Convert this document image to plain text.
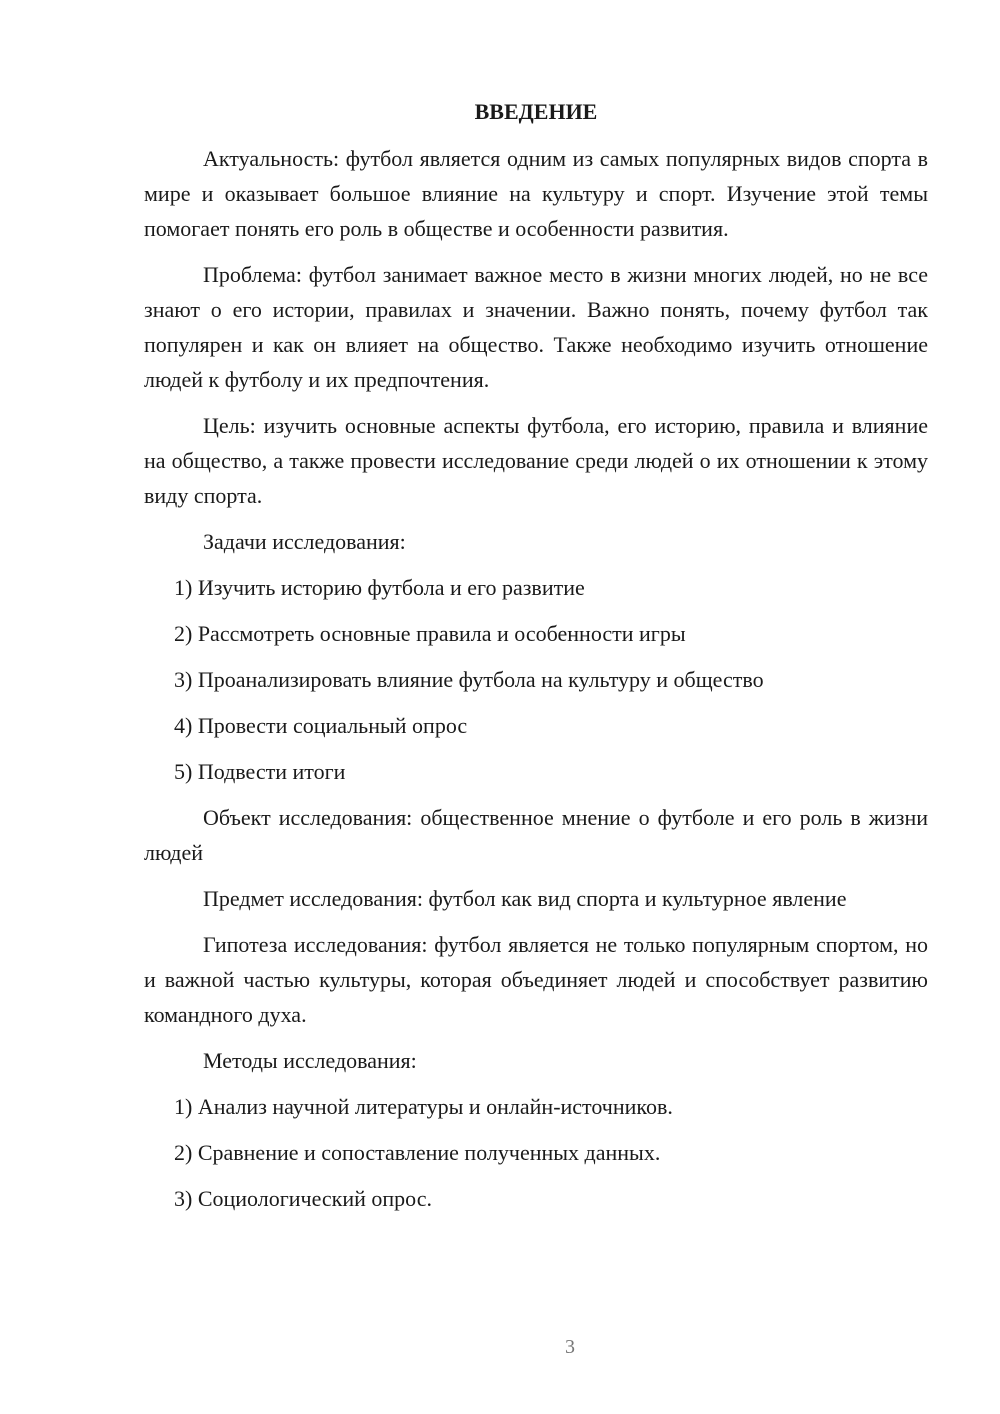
ВВЕДЕНИЕ
Актуальность: футбол является одним из самых популярных видов спорта в мире и оказывает большое влияние на культуру и спорт. Изучение этой темы помогает понять его роль в обществе и особенности развития.
Проблема: футбол занимает важное место в жизни многих людей, но не все знают о его истории, правилах и значении. Важно понять, почему футбол так популярен и как он влияет на общество. Также необходимо изучить отношение людей к футболу и их предпочтения.
Цель: изучить основные аспекты футбола, его историю, правила и влияние на общество, а также провести исследование среди людей о их отношении к этому виду спорта.
Задачи исследования:
1) Изучить историю футбола и его развитие
2) Рассмотреть основные правила и особенности игры
3) Проанализировать влияние футбола на культуру и общество
4) Провести социальный опрос
5) Подвести итоги
Объект исследования: общественное мнение о футболе и его роль в жизни людей
Предмет исследования: футбол как вид спорта и культурное явление
Гипотеза исследования: футбол является не только популярным спортом, но и важной частью культуры, которая объединяет людей и способствует развитию командного духа.
Методы исследования:
1) Анализ научной литературы и онлайн-источников.
2) Сравнение и сопоставление полученных данных.
3) Социологический опрос.
3
